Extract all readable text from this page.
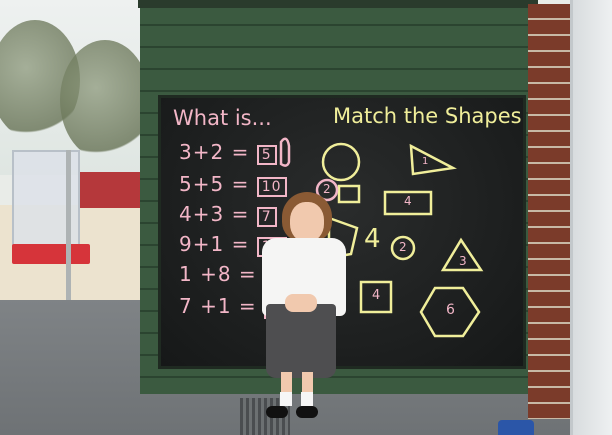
What is...	Match the Shapes
3+2 = 5
5+5 = 10
4+3 = 7
9+1 =
1 +8 =
7 +1 =
1
2
4
4 2
3
4
6
